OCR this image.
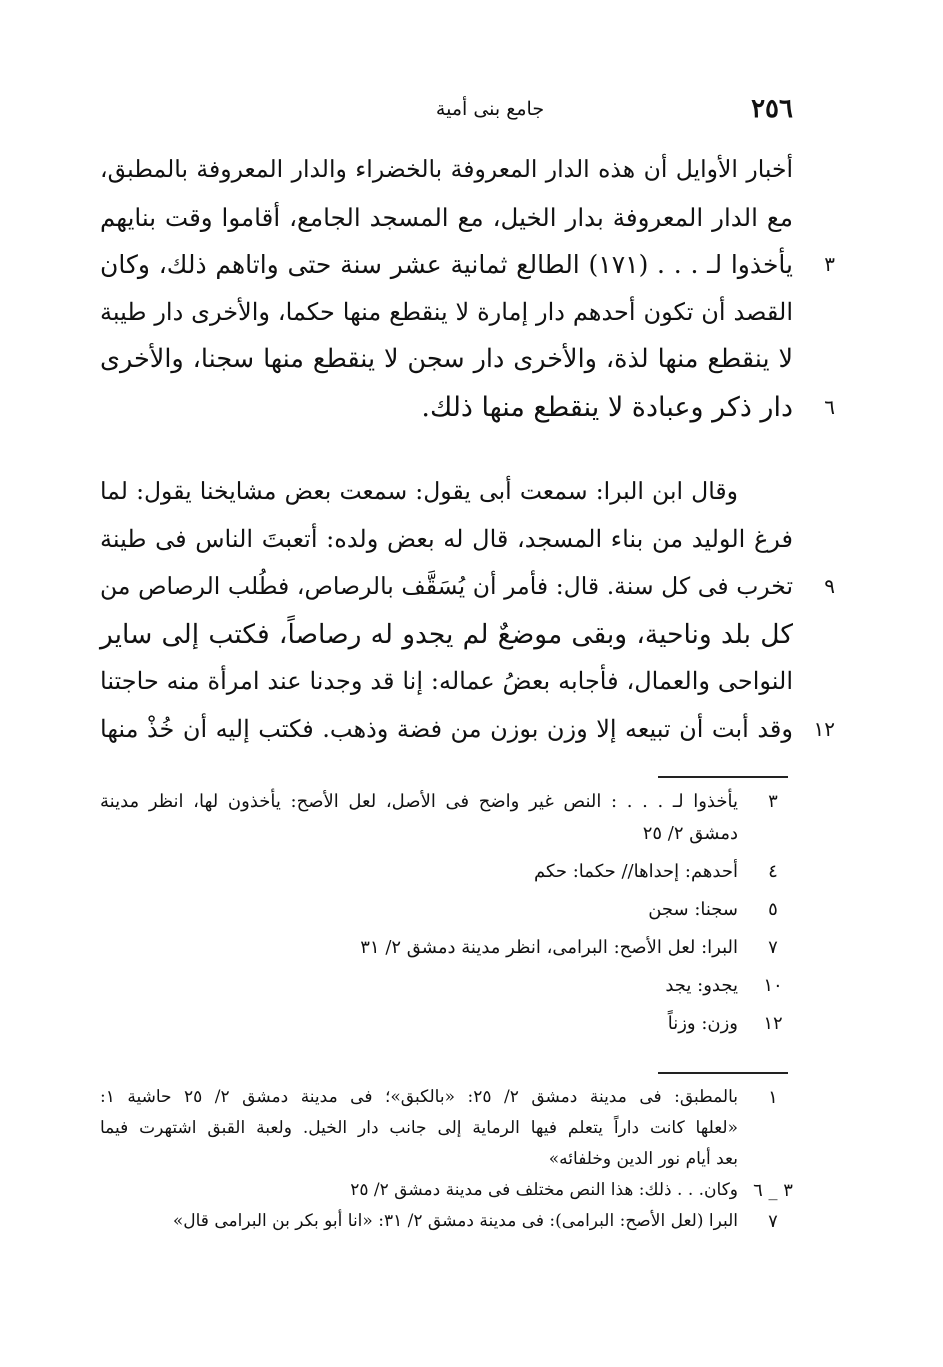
٢٥٦
جامع بنى أمية
أخبار الأوايل أن هذه الدار المعروفة بالخضراء والدار المعروفة بالمطبق،
مع الدار المعروفة بدار الخيل، مع المسجد الجامع، أقاموا وقت بنايهم
٣
يأخذوا لـ . . . (١٧١) الطالع ثمانية عشر سنة حتى واتاهم ذلك، وكان
القصد أن تكون أحدهم دار إمارة لا ينقطع منها حكما، والأخرى دار طيبة
لا ينقطع منها لذة، والأخرى دار سجن لا ينقطع منها سجنا، والأخرى
٦
دار ذكر وعبادة لا ينقطع منها ذلك.
وقال ابن البرا: سمعت أبى يقول: سمعت بعض مشايخنا يقول: لما
فرغ الوليد من بناء المسجد، قال له بعض ولده: أتعبتَ الناس فى طينة
٩
تخرب فى كل سنة. قال: فأمر أن يُسَقَّف بالرصاص، فطُلب الرصاص من
كل بلد وناحية، وبقى موضعٌ لم يجدو له رصاصاً، فكتب إلى ساير
النواحى والعمال، فأجابه بعضُ عماله: إنا قد وجدنا عند امرأة منه حاجتنا
١٢
وقد أبت أن تبيعه إلا وزن بوزن من فضة وذهب. فكتب إليه أن خُذْ منها
٣
يأخذوا لـ . . . : النص غير واضح فى الأصل، لعل الأصح: يأخذون لها، انظر مدينة
دمشق ٢/ ٢٥
٤
أحدهم: إحداها// حكما: حكم
٥
سجنا: سجن
٧
البرا: لعل الأصح: البرامى، انظر مدينة دمشق ٢/ ٣١
١٠
يجدو: يجد
١٢
وزن: وزناً
١
بالمطبق: فى مدينة دمشق ٢/ ٢٥: «بالكبق»؛ فى مدينة دمشق ٢/ ٢٥ حاشية ١:
«لعلها كانت داراً يتعلم فيها الرماية إلى جانب دار الخيل. ولعبة القبق اشتهرت فيما
بعد أيام نور الدين وخلفائه»
٣ _ ٦
وكان. . . ذلك: هذا النص مختلف فى مدينة دمشق ٢/ ٢٥
٧
البرا (لعل الأصح: البرامى): فى مدينة دمشق ٢/ ٣١: «انا أبو بكر بن البرامى قال»
